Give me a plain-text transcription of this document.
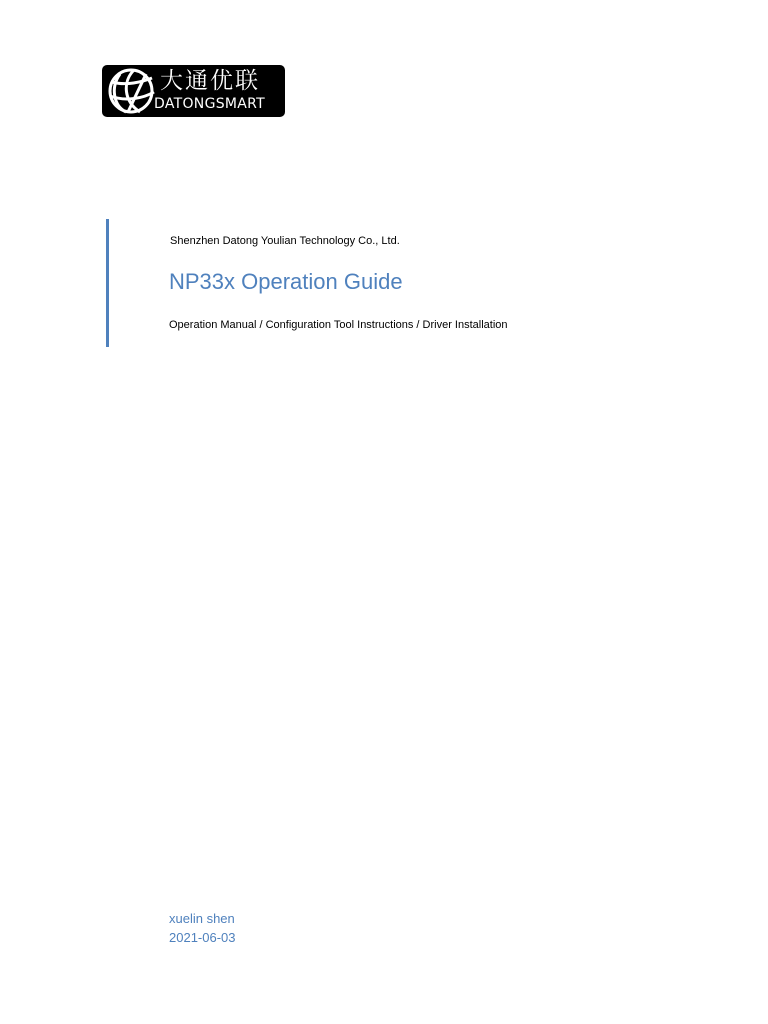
大通优联
DATONGSMART
Shenzhen Datong Youlian Technology Co., Ltd.
NP33x Operation Guide
Operation Manual / Configuration Tool Instructions / Driver Installation
xuelin shen
2021-06-03
